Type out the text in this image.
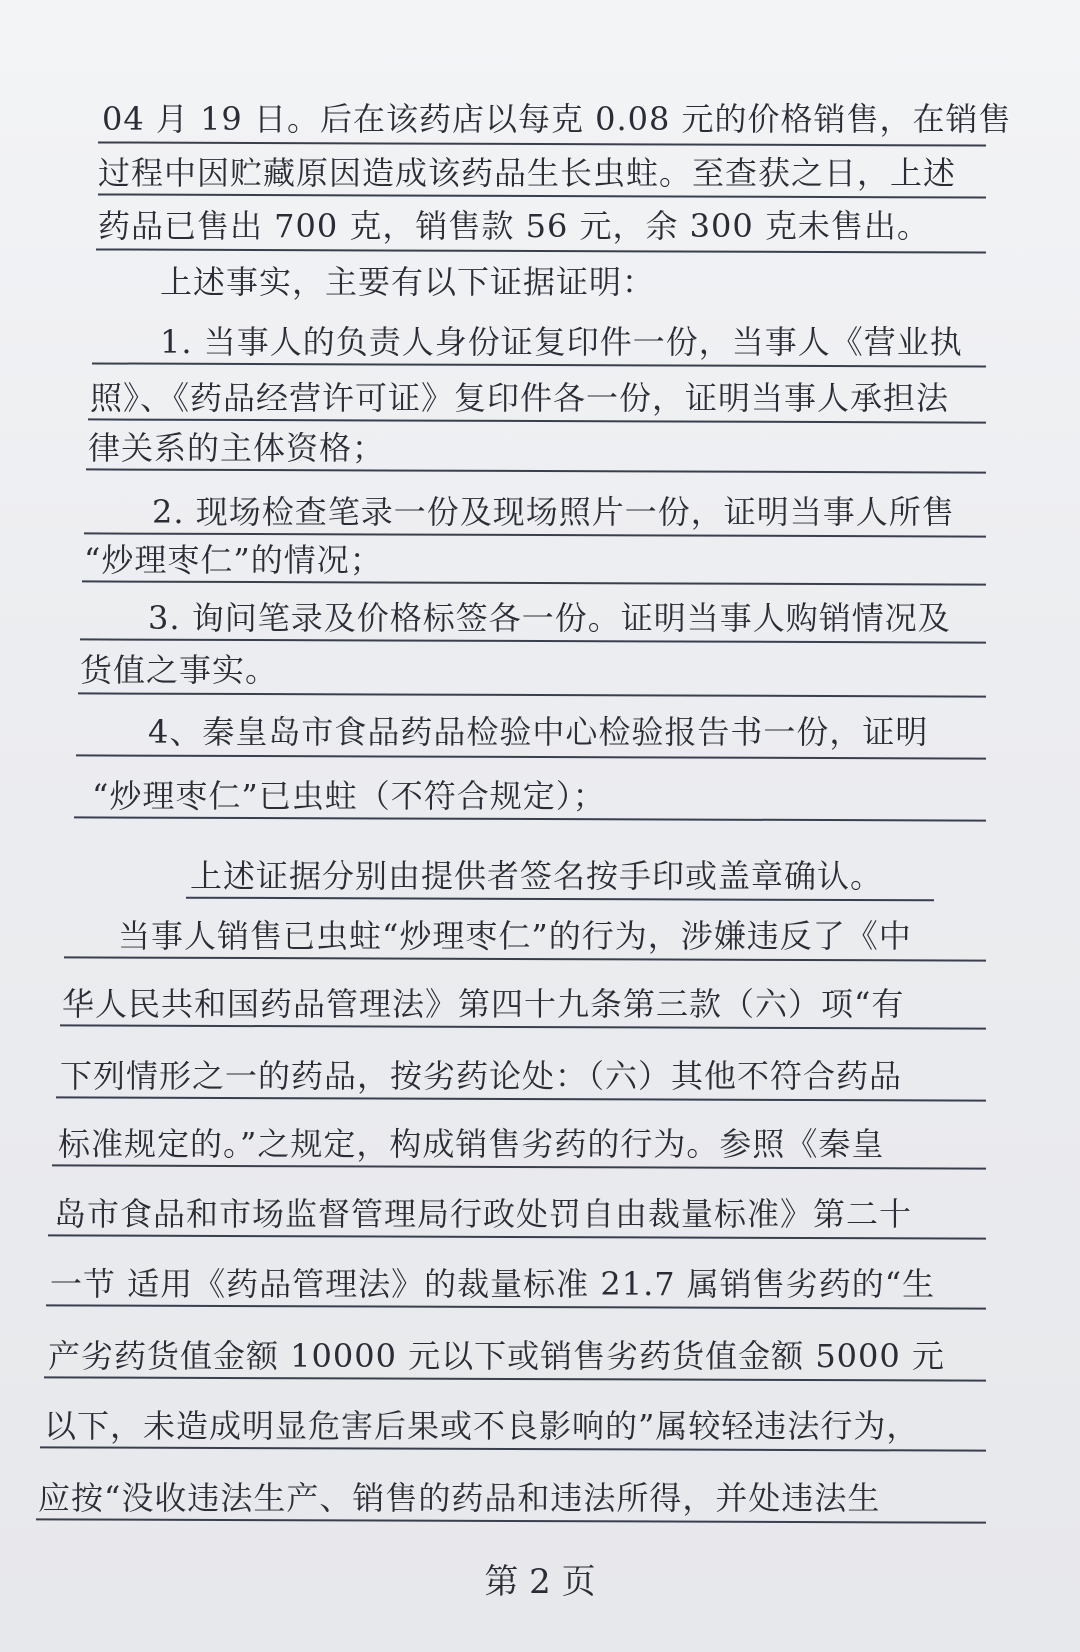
04 月 19 日。后在该药店以每克 0.08 元的价格销售，在销售
过程中因贮藏原因造成该药品生长虫蛀。至查获之日，上述
药品已售出 700 克，销售款 56 元，余 300 克未售出。
上述事实，主要有以下证据证明：
1. 当事人的负责人身份证复印件一份，当事人《营业执
照》、《药品经营许可证》复印件各一份，证明当事人承担法
律关系的主体资格；
2. 现场检查笔录一份及现场照片一份，证明当事人所售
“炒理枣仁”的情况；
3. 询问笔录及价格标签各一份。证明当事人购销情况及
货值之事实。
4、秦皇岛市食品药品检验中心检验报告书一份，证明
“炒理枣仁”已虫蛀（不符合规定）；
上述证据分别由提供者签名按手印或盖章确认。
当事人销售已虫蛀“炒理枣仁”的行为，涉嫌违反了《中
华人民共和国药品管理法》第四十九条第三款（六）项“有
下列情形之一的药品，按劣药论处：（六）其他不符合药品
标准规定的。”之规定，构成销售劣药的行为。参照《秦皇
岛市食品和市场监督管理局行政处罚自由裁量标准》第二十
一节 适用《药品管理法》的裁量标准 21.7 属销售劣药的“生
产劣药货值金额 10000 元以下或销售劣药货值金额 5000 元
以下，未造成明显危害后果或不良影响的”属较轻违法行为，
应按“没收违法生产、销售的药品和违法所得，并处违法生
第 2 页
